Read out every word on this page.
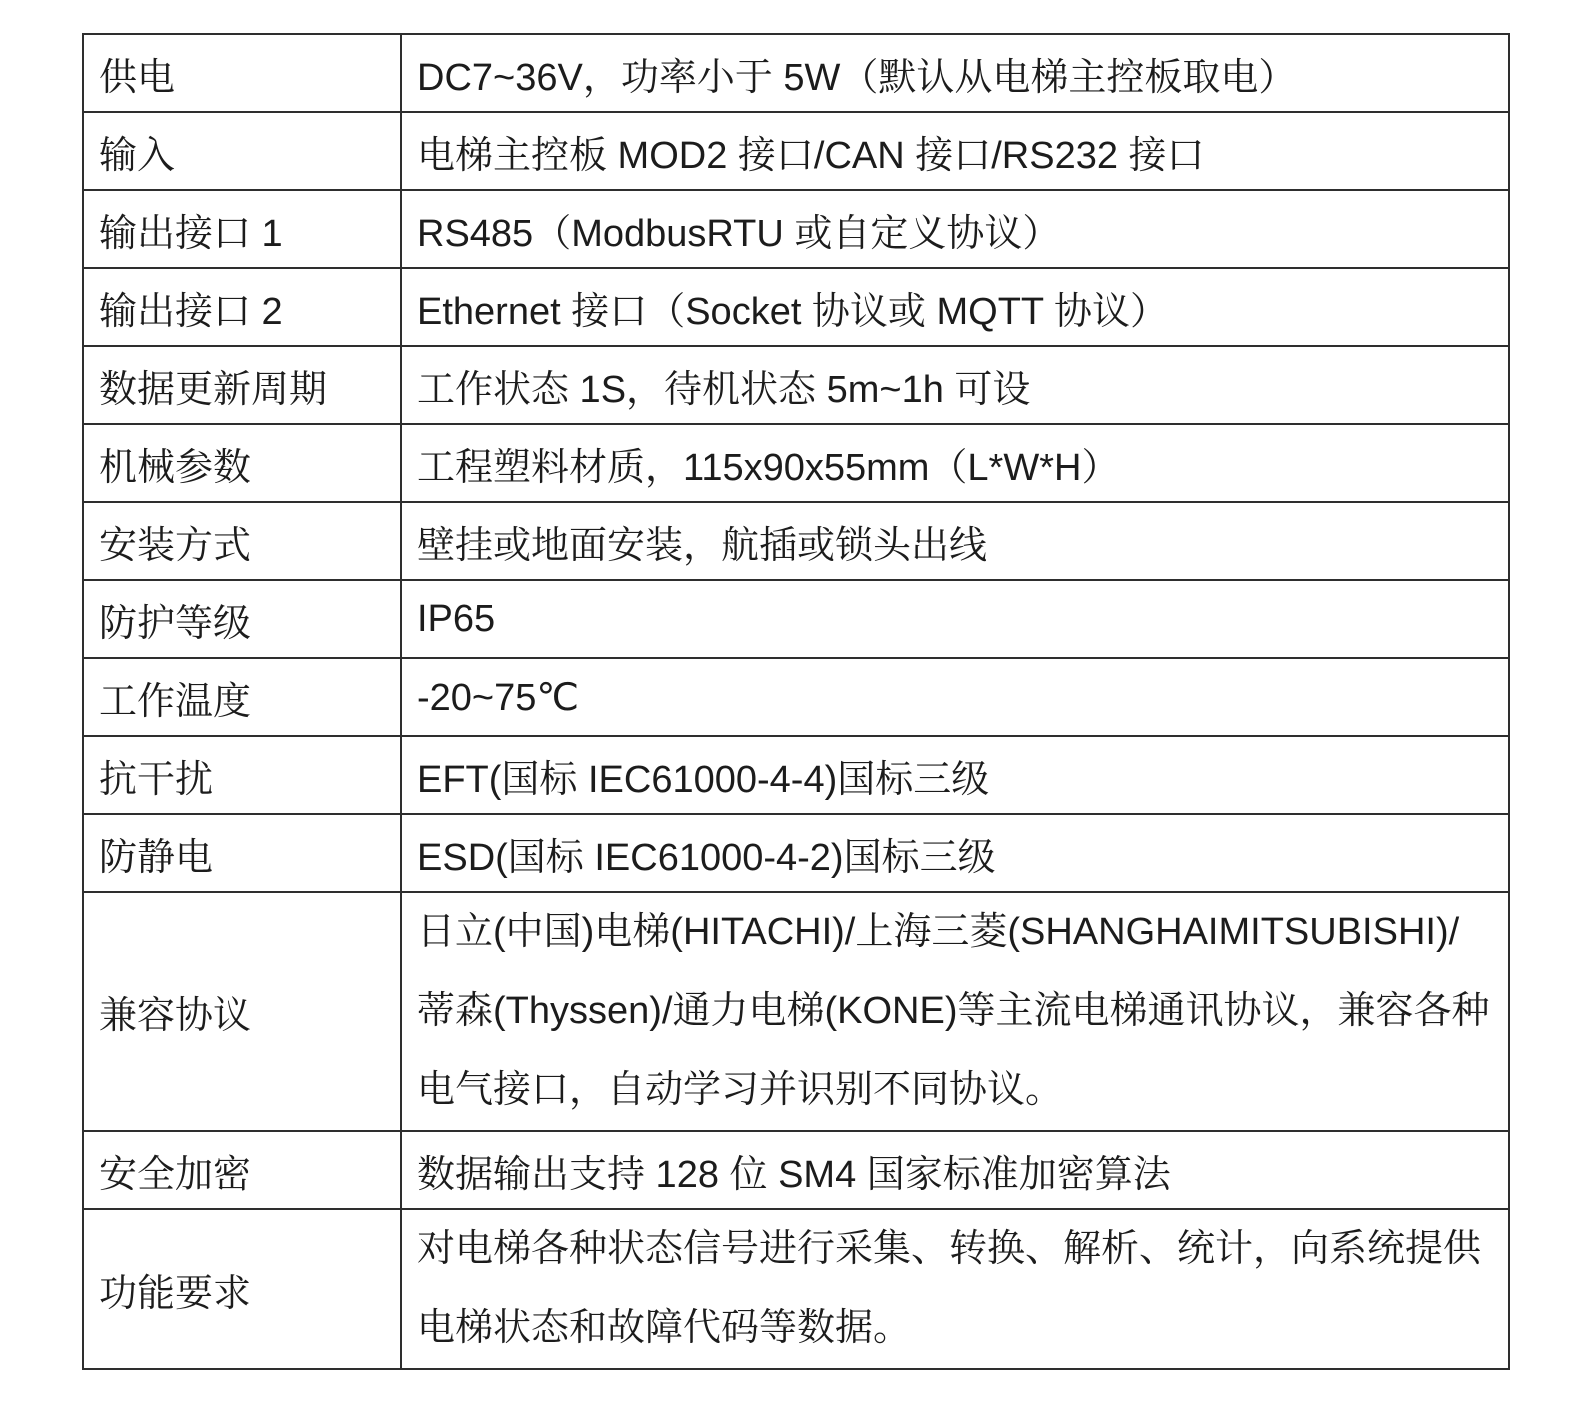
供电	DC7~36V，功率小于 5W（默认从电梯主控板取电）
输入	电梯主控板 MOD2 接口/CAN 接口/RS232 接口
输出接口 1	RS485（ModbusRTU 或自定义协议）
输出接口 2	Ethernet 接口（Socket 协议或 MQTT 协议）
数据更新周期	工作状态 1S，待机状态 5m~1h 可设
机械参数	工程塑料材质，115x90x55mm（L*W*H）
安装方式	壁挂或地面安装，航插或锁头出线
防护等级	IP65
工作温度	-20~75℃
抗干扰	EFT(国标 IEC61000-4-4)国标三级
防静电	ESD(国标 IEC61000-4-2)国标三级
兼容协议	日立(中国)电梯(HITACHI)/上海三菱(SHANGHAIMITSUBISHI)/
蒂森(Thyssen)/通力电梯(KONE)等主流电梯通讯协议，兼容各种
电气接口，自动学习并识别不同协议。

安全加密	数据输出支持 128 位 SM4 国家标准加密算法
功能要求	对电梯各种状态信号进行采集、转换、解析、统计，向系统提供
电梯状态和故障代码等数据。
